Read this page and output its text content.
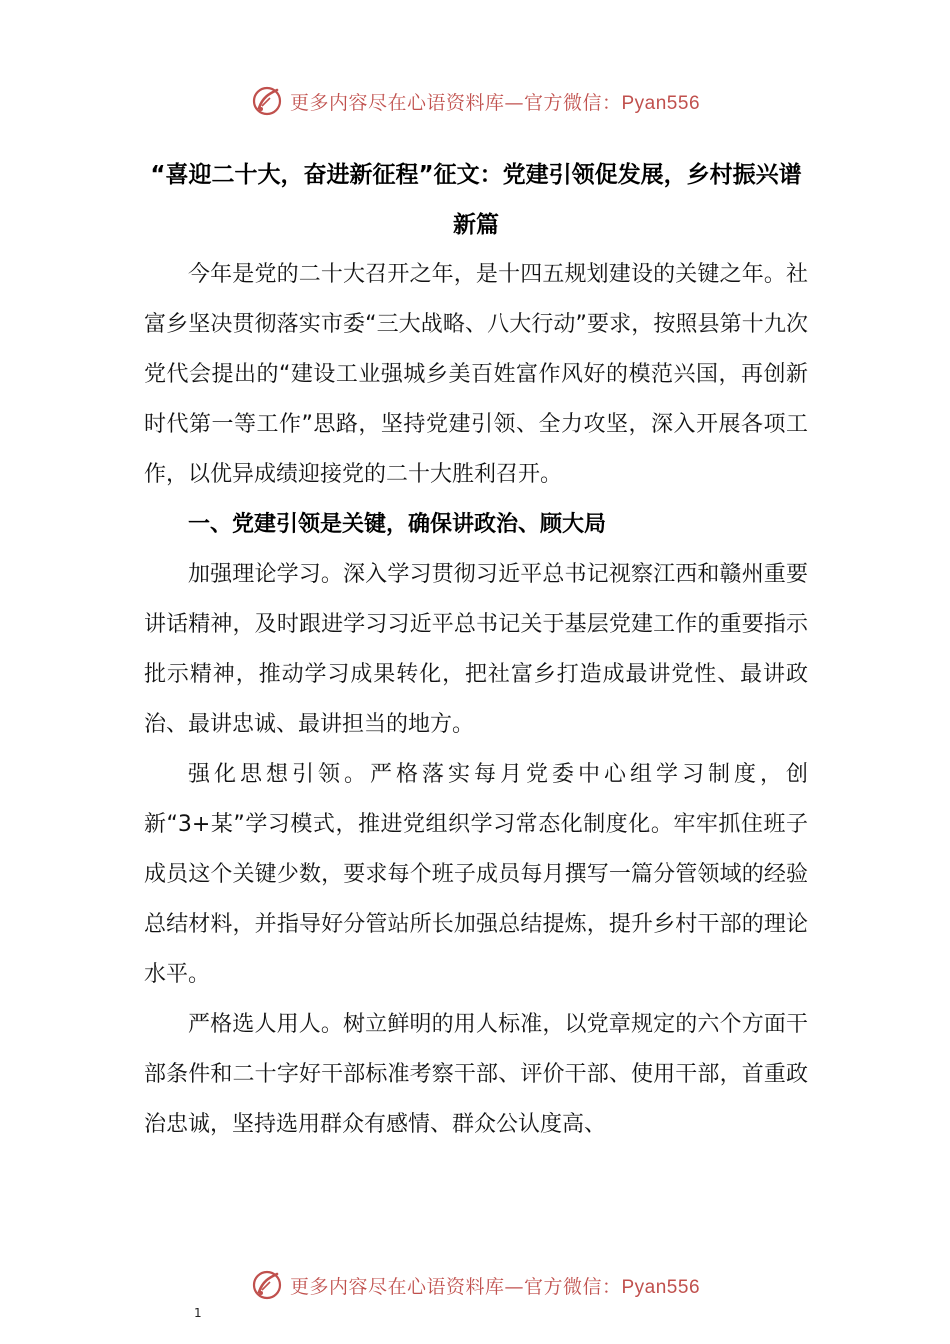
更多内容尽在心语资料库—官方微信：Pyan556
“喜迎二十大，奋进新征程”征文：党建引领促发展，乡村振兴谱新篇

今年是党的二十大召开之年，是十四五规划建设的关键之年。社富乡坚决贯彻落实市委“三大战略、八大行动”要求，按照县第十九次党代会提出的“建设工业强城乡美百姓富作风好的模范兴国，再创新时代第一等工作”思路，坚持党建引领、全力攻坚，深入开展各项工作，以优异成绩迎接党的二十大胜利召开。

一、党建引领是关键，确保讲政治、顾大局

加强理论学习。深入学习贯彻习近平总书记视察江西和赣州重要讲话精神，及时跟进学习习近平总书记关于基层党建工作的重要指示批示精神，推动学习成果转化，把社富乡打造成最讲党性、最讲政治、最讲忠诚、最讲担当的地方。

强化思想引领。严格落实每月党委中心组学习制度，创新“3+某”学习模式，推进党组织学习常态化制度化。牢牢抓住班子成员这个关键少数，要求每个班子成员每月撰写一篇分管领域的经验总结材料，并指导好分管站所长加强总结提炼，提升乡村干部的理论水平。

严格选人用人。树立鲜明的用人标准，以党章规定的六个方面干部条件和二十字好干部标准考察干部、评价干部、使用干部，首重政治忠诚，坚持选用群众有感情、群众公认度高、

更多内容尽在心语资料库—官方微信：Pyan556
1
